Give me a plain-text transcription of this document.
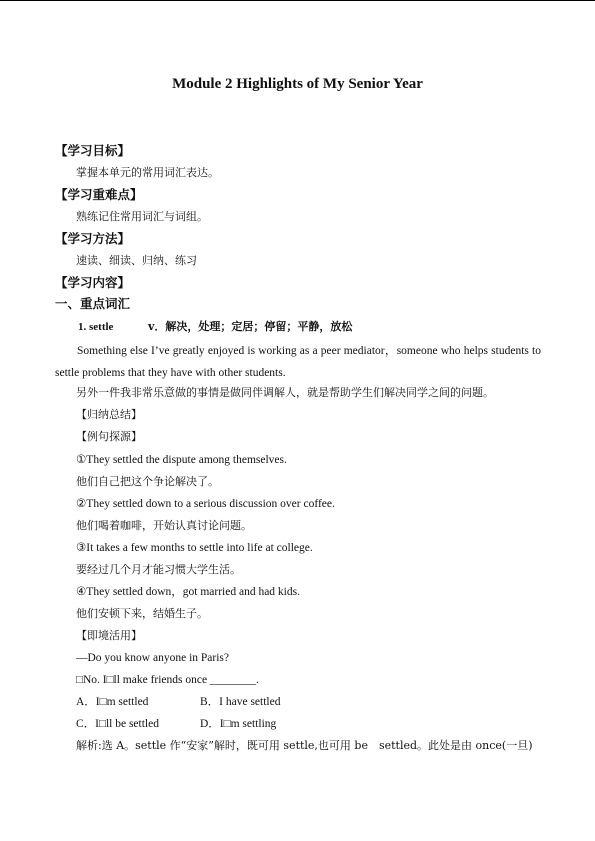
Module 2 Highlights of My Senior Year
【学习目标】
掌握本单元的常用词汇表达。
【学习重难点】
熟练记住常用词汇与词组。
【学习方法】
速读、细读、归纳、练习
【学习内容】
一、重点词汇
1. settle	v．解决，处理；定居；停留；平静，放松
Something else I’ve greatly enjoyed is working as a peer mediator，someone who helps students to settle problems that they have with other students.
另外一件我非常乐意做的事情是做同伴调解人，就是帮助学生们解决同学之间的问题。
【归纳总结】
【例句探源】
①They settled the dispute among themselves.
他们自己把这个争论解决了。
②They settled down to a serious discussion over coffee.
他们喝着咖啡，开始认真讨论问题。
③It takes a few months to settle into life at college.
要经过几个月才能习惯大学生活。
④They settled down，got married and had kids.
他们安顿下来，结婚生子。
【即境活用】
—Do you know anyone in Paris?
□No. I□ll make friends once ________.
A．I□m settled	B．I have settled
C．I□ll be settled	D．I□m settling
解析:选 A。settle 作“安家”解时，既可用 settle,也可用 be　settled。此处是由 once(一旦)
